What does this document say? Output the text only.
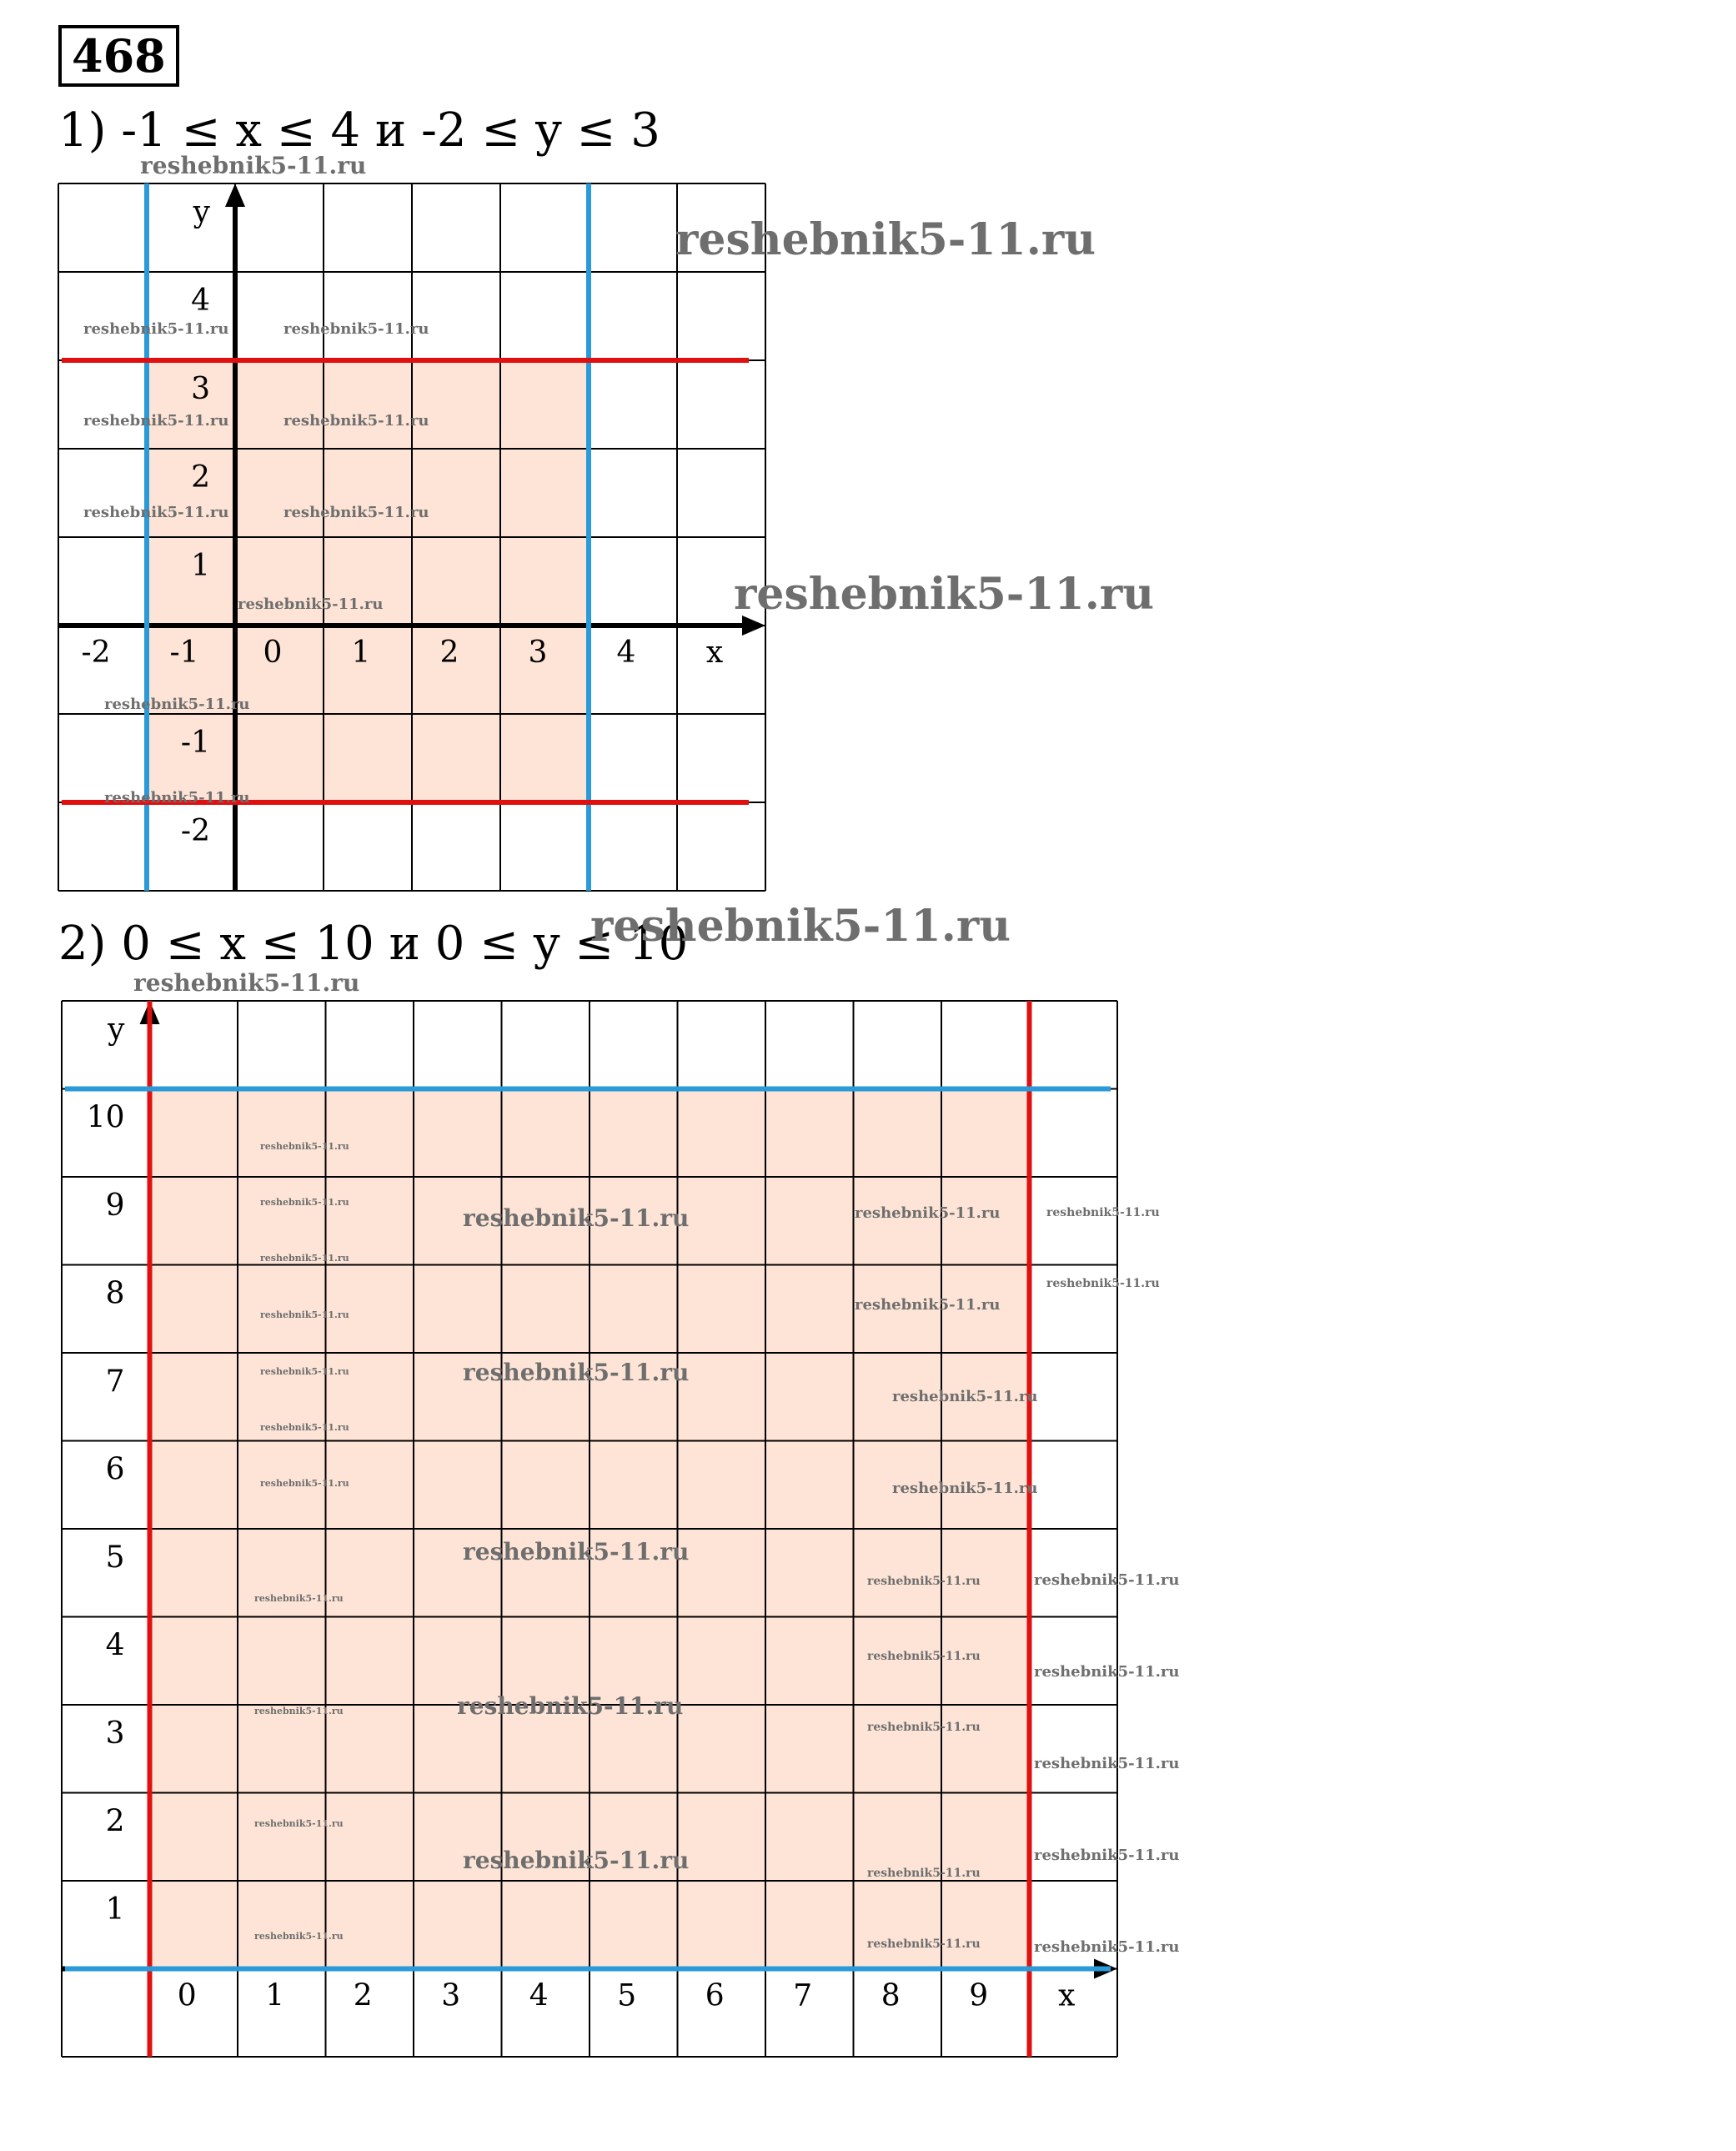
468
1) -1 ≤ x ≤ 4 и -2 ≤ y ≤ 3
2) 0 ≤ x ≤ 10 и 0 ≤ y ≤ 10
-2 -1 0 1 2 3 4 x
4
3
2
1
-1
-2
y
reshebnik5-11.ru
reshebnik5-11.ru
reshebnik5-11.ru
reshebnik5-11.ru	reshebnik5-11.ru
reshebnik5-11.ru	reshebnik5-11.ru
reshebnik5-11.ru	reshebnik5-11.ru
reshebnik5-11.ru
reshebnik5-11.ru
reshebnik5-11.ru
0 1 2 3 4 5 6 7 8 9 x
10
9
8
7
6
5
4
3
2
1
y
reshebnik5-11.ru
reshebnik5-11.ru
reshebnik5-11.ru
reshebnik5-11.ru
reshebnik5-11.ru
reshebnik5-11.ru
reshebnik5-11.ru
reshebnik5-11.ru
reshebnik5-11.ru
reshebnik5-11.ru
reshebnik5-11.ru
reshebnik5-11.ru
reshebnik5-11.ru
reshebnik5-11.ru
reshebnik5-11.ru
reshebnik5-11.ru
reshebnik5-11.ru
reshebnik5-11.ru
reshebnik5-11.ru
reshebnik5-11.ru
reshebnik5-11.ru
reshebnik5-11.ru
reshebnik5-11.ru
reshebnik5-11.ru
reshebnik5-11.ru
reshebnik5-11.ru
reshebnik5-11.ru
reshebnik5-11.ru
reshebnik5-11.ru
reshebnik5-11.ru
reshebnik5-11.ru
reshebnik5-11.ru
reshebnik5-11.ru
reshebnik5-11.ru
